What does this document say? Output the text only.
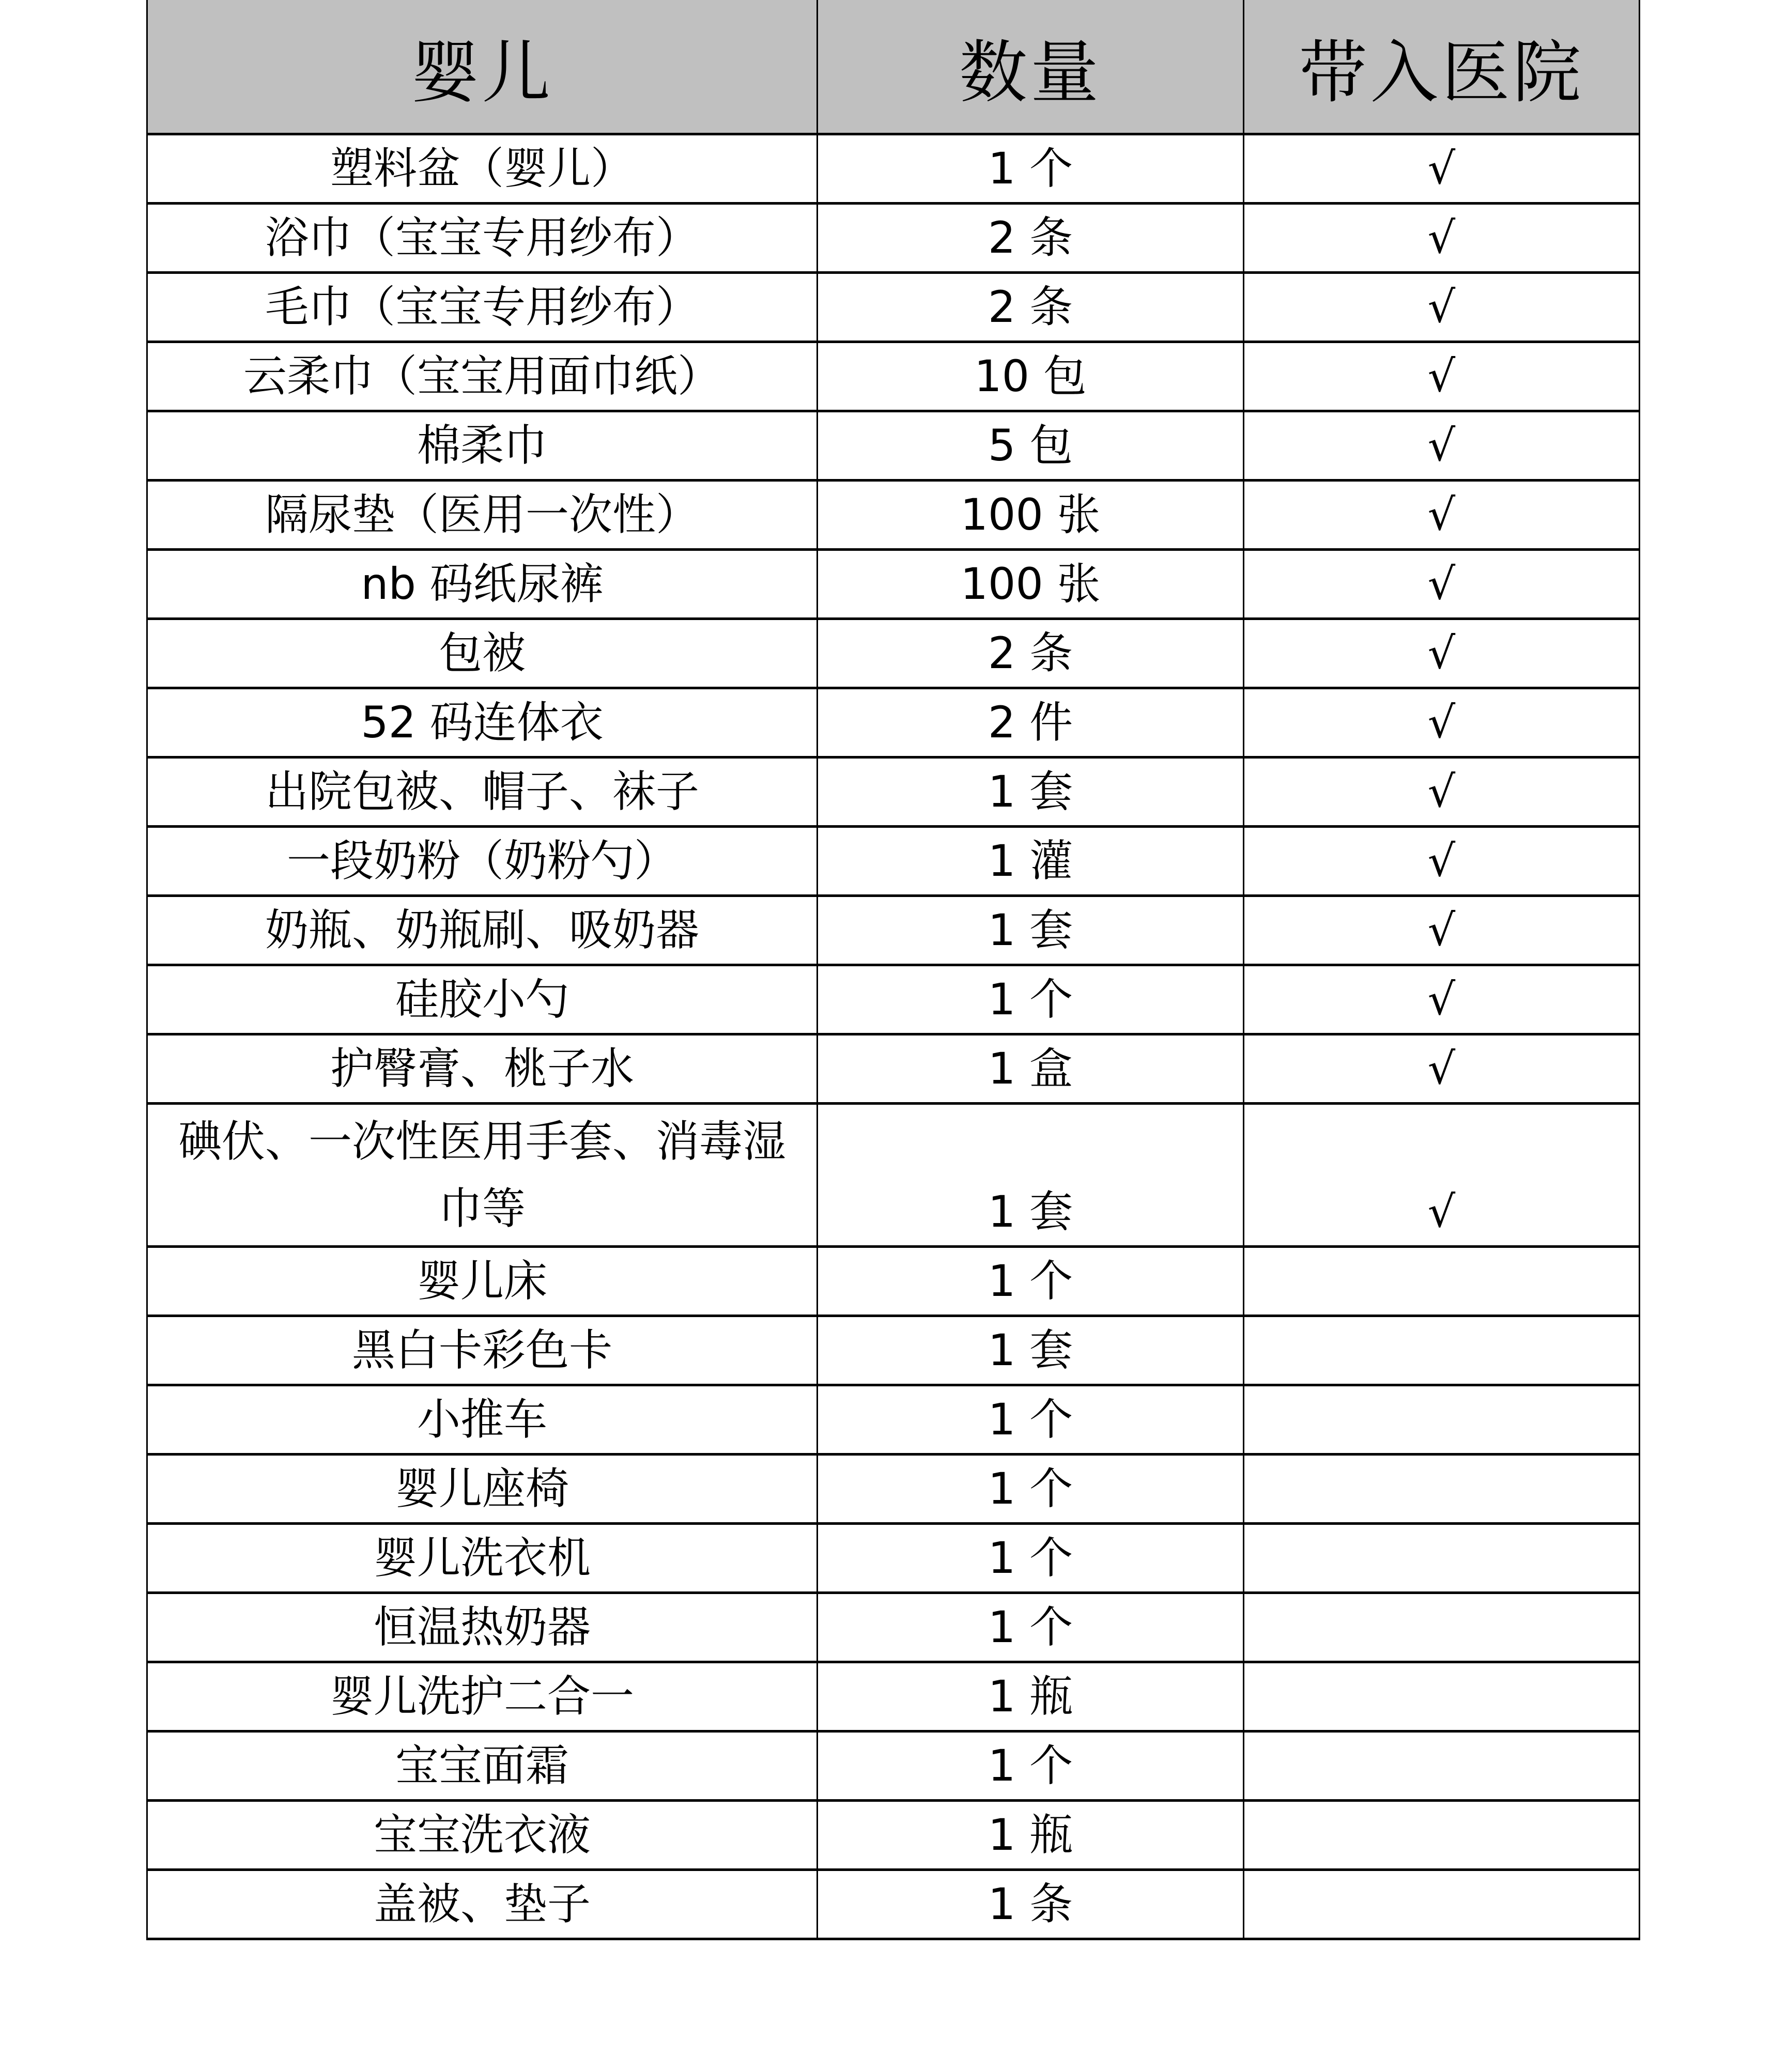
婴儿	数量	带入医院
塑料盆（婴儿）	1 个	√
浴巾（宝宝专用纱布）	2 条	√
毛巾（宝宝专用纱布）	2 条	√
云柔巾（宝宝用面巾纸）	10 包	√
棉柔巾	5 包	√
隔尿垫（医用一次性）	100 张	√
nb 码纸尿裤	100 张	√
包被	2 条	√
52 码连体衣	2 件	√
出院包被、帽子、袜子	1 套	√
一段奶粉（奶粉勺）	1 灌	√
奶瓶、奶瓶刷、吸奶器	1 套	√
硅胶小勺	1 个	√
护臀膏、桃子水	1 盒	√
碘伏、一次性医用手套、消毒湿巾等	1 套	√
婴儿床	1 个	
黑白卡彩色卡	1 套	
小推车	1 个	
婴儿座椅	1 个	
婴儿洗衣机	1 个	
恒温热奶器	1 个	
婴儿洗护二合一	1 瓶	
宝宝面霜	1 个	
宝宝洗衣液	1 瓶	
盖被、垫子	1 条	
